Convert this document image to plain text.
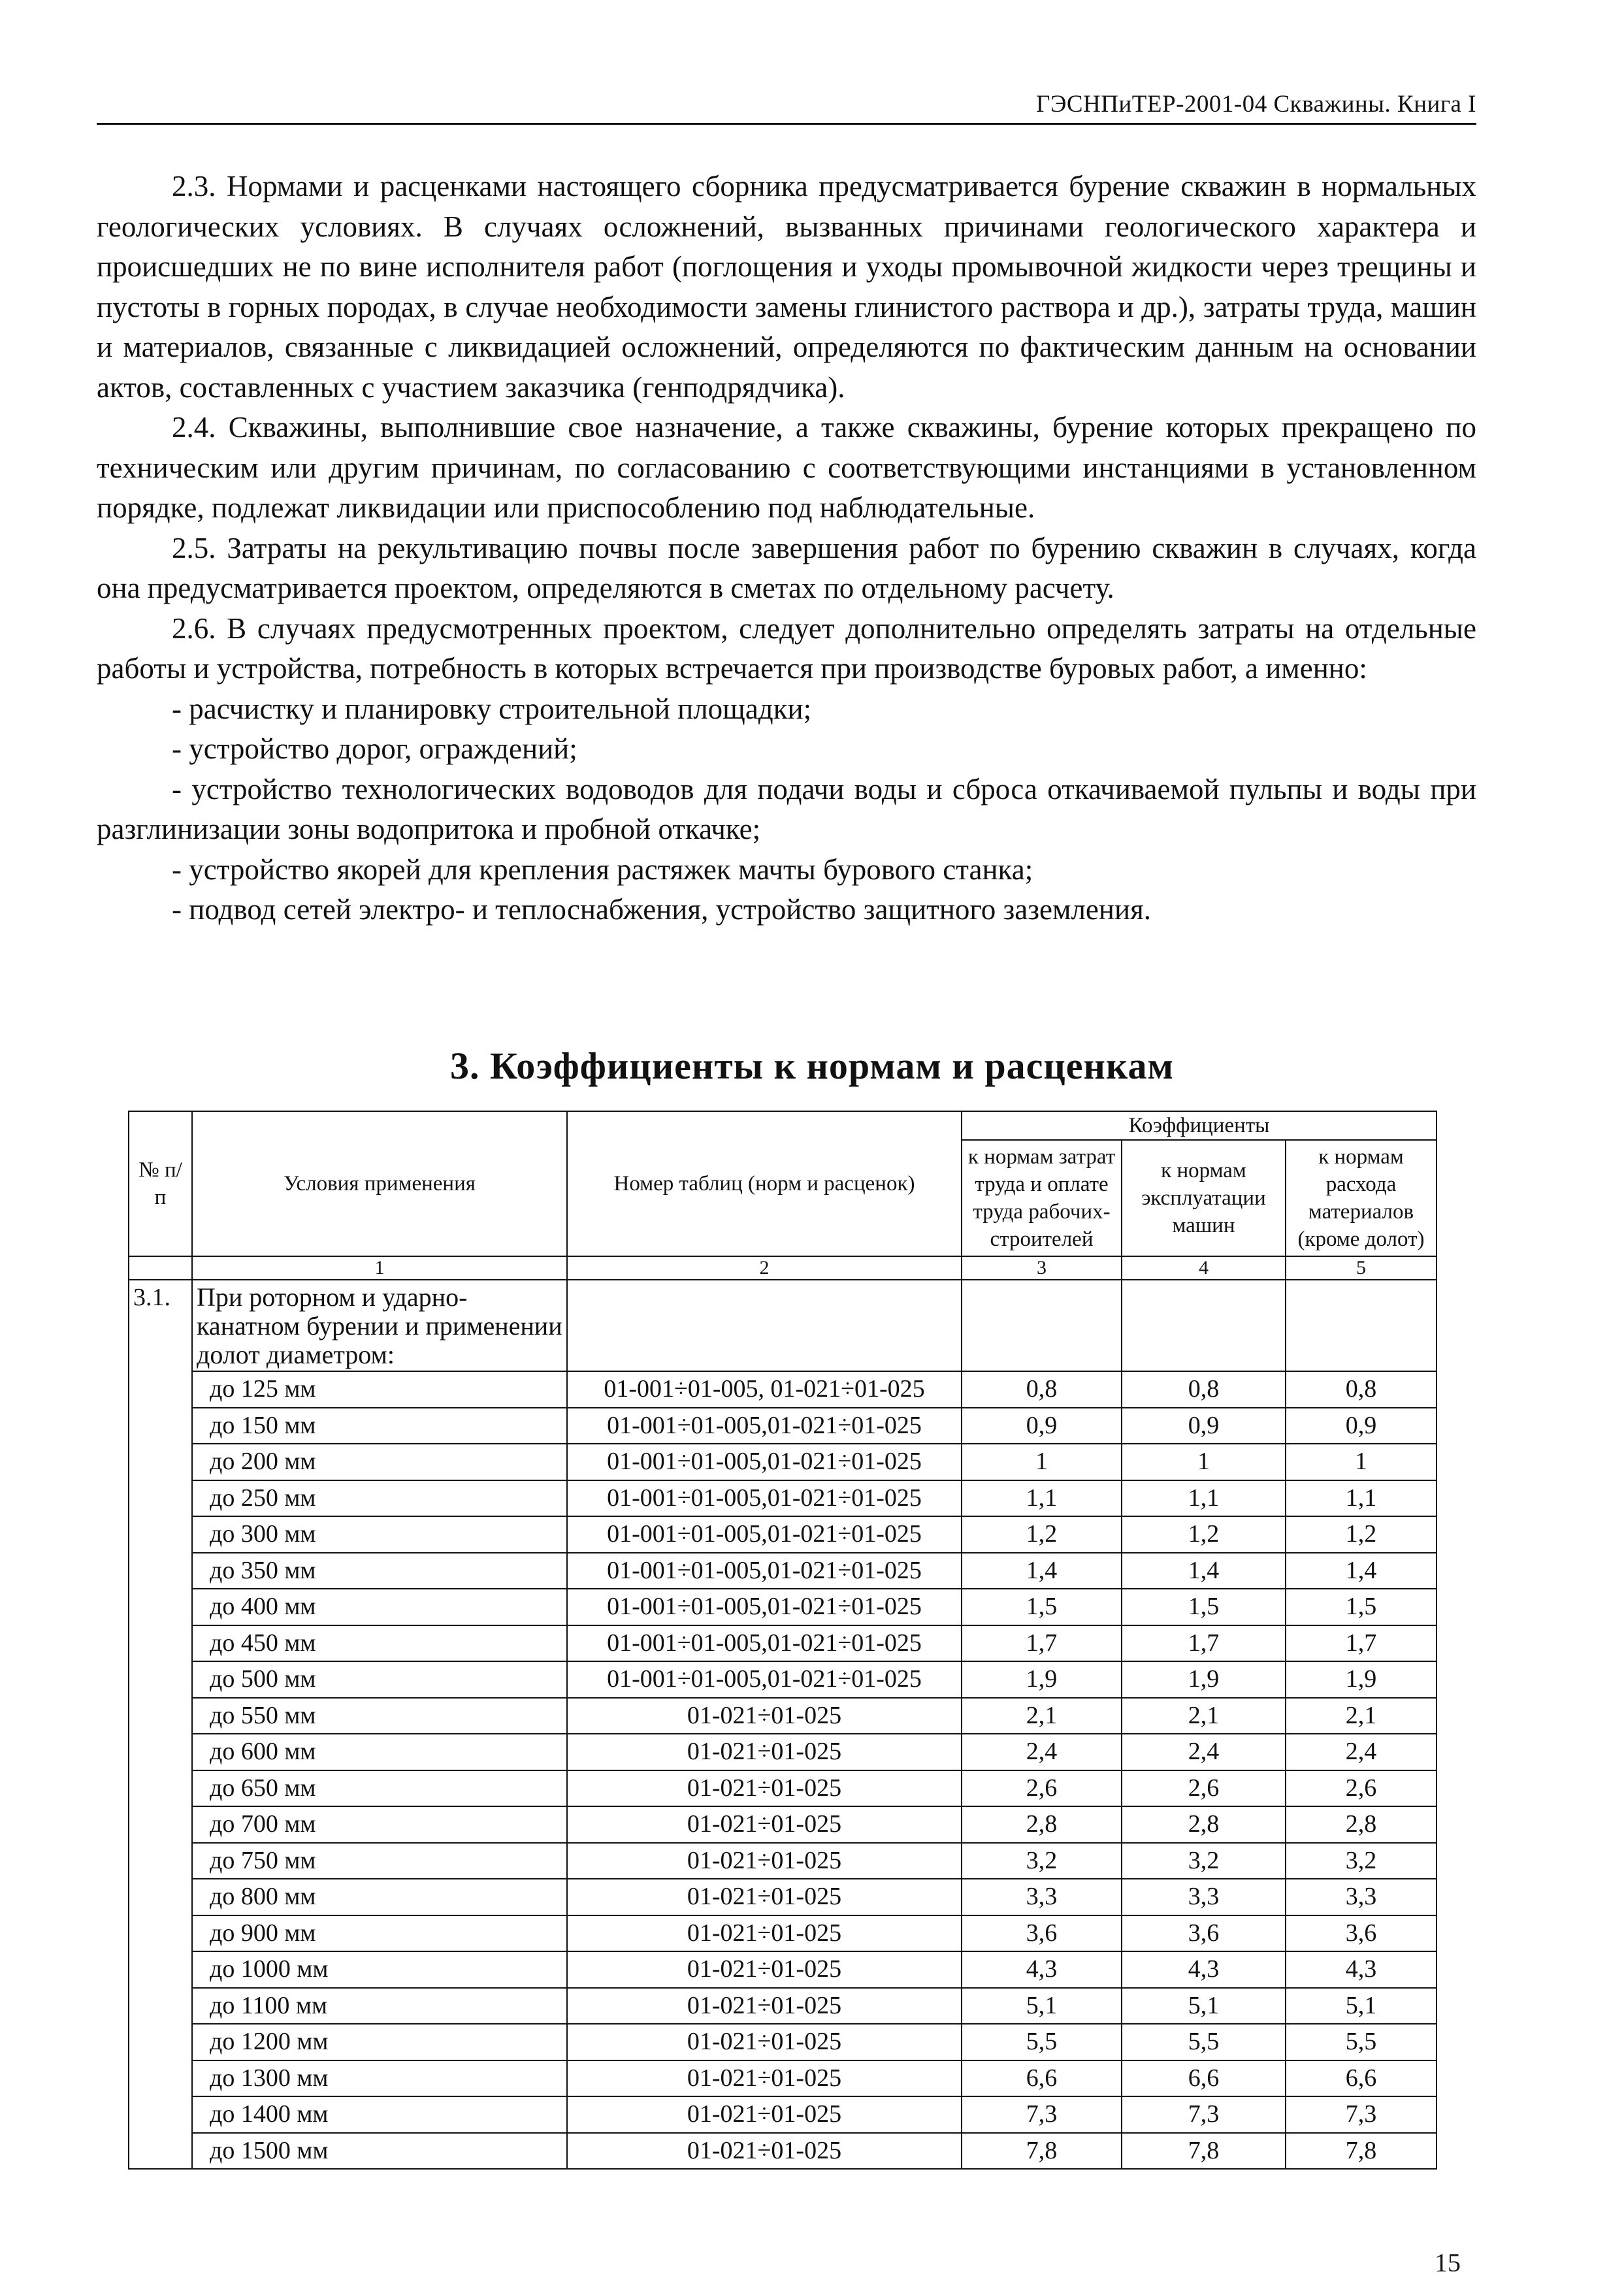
ГЭСНПиТЕР-2001-04 Скважины. Книга I

2.3. Нормами и расценками настоящего сборника предусматривается бурение скважин в нормальных геологических условиях. В случаях осложнений, вызванных причинами геологического характера и происшедших не по вине исполнителя работ (поглощения и уходы промывочной жидкости через трещины и пустоты в горных породах, в случае необходимости замены глинистого раствора и др.), затраты труда, машин и материалов, связанные с ликвидацией осложнений, определяются по фактическим данным на основании актов, составленных с участием заказчика (генподрядчика).

2.4. Скважины, выполнившие свое назначение, а также скважины, бурение которых прекращено по техническим или другим причинам, по согласованию с соответствующими инстанциями в установленном порядке, подлежат ликвидации или приспособлению под наблюдательные.

2.5. Затраты на рекультивацию почвы после завершения работ по бурению скважин в случаях, когда она предусматривается проектом, определяются в сметах по отдельному расчету.

2.6. В случаях предусмотренных проектом, следует дополнительно определять затраты на отдельные работы и устройства, потребность в которых встречается при производстве буровых работ, а именно:

- расчистку и планировку строительной площадки;

- устройство дорог, ограждений;

- устройство технологических водоводов для подачи воды и сброса откачиваемой пульпы и воды при разглинизации зоны водопритока и пробной откачке;

- устройство якорей для крепления растяжек мачты бурового станка;

- подвод сетей электро- и теплоснабжения, устройство защитного заземления.

3. Коэффициенты к нормам и расценкам
№ п/п	Условия применения	Номер таблиц (норм и расценок)	Коэффициенты		
			к нормам затрат труда и оплате труда рабочих-строителей	к нормам эксплуатации машин	к нормам расхода материалов (кроме долот)
	1	2	3	4	5
3.1.	При роторном и ударно-канатном бурении и применении долот диаметром:				
	до 125 мм	01-001÷01-005, 01-021÷01-025	0,8	0,8	0,8
	до 150 мм	01-001÷01-005,01-021÷01-025	0,9	0,9	0,9
	до 200 мм	01-001÷01-005,01-021÷01-025	1	1	1
	до 250 мм	01-001÷01-005,01-021÷01-025	1,1	1,1	1,1
	до 300 мм	01-001÷01-005,01-021÷01-025	1,2	1,2	1,2
	до 350 мм	01-001÷01-005,01-021÷01-025	1,4	1,4	1,4
	до 400 мм	01-001÷01-005,01-021÷01-025	1,5	1,5	1,5
	до 450 мм	01-001÷01-005,01-021÷01-025	1,7	1,7	1,7
	до 500 мм	01-001÷01-005,01-021÷01-025	1,9	1,9	1,9
	до 550 мм	01-021÷01-025	2,1	2,1	2,1
	до 600 мм	01-021÷01-025	2,4	2,4	2,4
	до 650 мм	01-021÷01-025	2,6	2,6	2,6
	до 700 мм	01-021÷01-025	2,8	2,8	2,8
	до 750 мм	01-021÷01-025	3,2	3,2	3,2
	до 800 мм	01-021÷01-025	3,3	3,3	3,3
	до 900 мм	01-021÷01-025	3,6	3,6	3,6
	до 1000 мм	01-021÷01-025	4,3	4,3	4,3
	до 1100 мм	01-021÷01-025	5,1	5,1	5,1
	до 1200 мм	01-021÷01-025	5,5	5,5	5,5
	до 1300 мм	01-021÷01-025	6,6	6,6	6,6
	до 1400 мм	01-021÷01-025	7,3	7,3	7,3
	до 1500 мм	01-021÷01-025	7,8	7,8	7,8
15
